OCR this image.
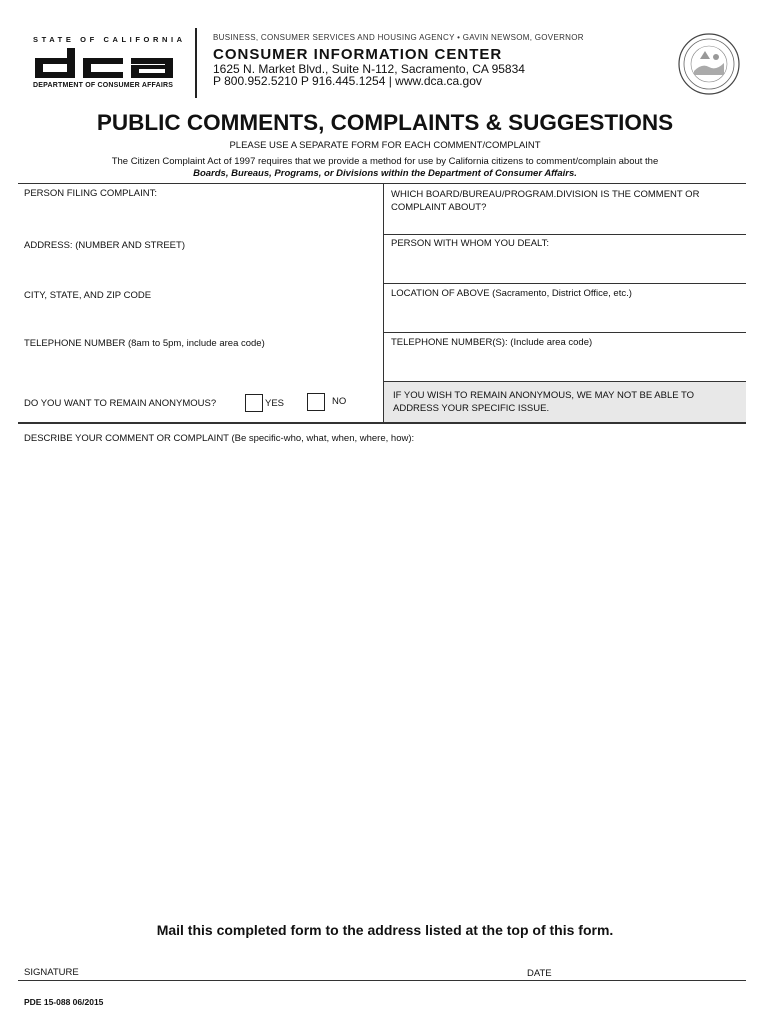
STATE OF CALIFORNIA
DEPARTMENT OF CONSUMER AFFAIRS
BUSINESS, CONSUMER SERVICES AND HOUSING AGENCY • GAVIN NEWSOM, GOVERNOR
CONSUMER INFORMATION CENTER
1625 N. Market Blvd., Suite N-112, Sacramento, CA 95834
P 800.952.5210 P 916.445.1254 | www.dca.ca.gov
PUBLIC COMMENTS, COMPLAINTS & SUGGESTIONS
PLEASE USE A SEPARATE FORM FOR EACH COMMENT/COMPLAINT
The Citizen Complaint Act of 1997 requires that we provide a method for use by California citizens to comment/complain about the
Boards, Bureaus, Programs, or Divisions within the Department of Consumer Affairs.
PERSON FILING COMPLAINT:
ADDRESS: (NUMBER AND STREET)
CITY, STATE, AND ZIP CODE
TELEPHONE NUMBER (8am to 5pm, include area code)
DO YOU WANT TO REMAIN ANONYMOUS?	YES	NO
WHICH BOARD/BUREAU/PROGRAM.DIVISION IS THE COMMENT OR COMPLAINT ABOUT?
PERSON WITH WHOM YOU DEALT:
LOCATION OF ABOVE (Sacramento, District Office, etc.)
TELEPHONE NUMBER(S): (Include area code)
IF YOU WISH TO REMAIN ANONYMOUS, WE MAY NOT BE ABLE TO ADDRESS YOUR SPECIFIC ISSUE.
DESCRIBE YOUR COMMENT OR COMPLAINT (Be specific-who, what, when, where, how):
Mail this completed form to the address listed at the top of this form.
SIGNATURE	DATE
PDE 15-088 06/2015
